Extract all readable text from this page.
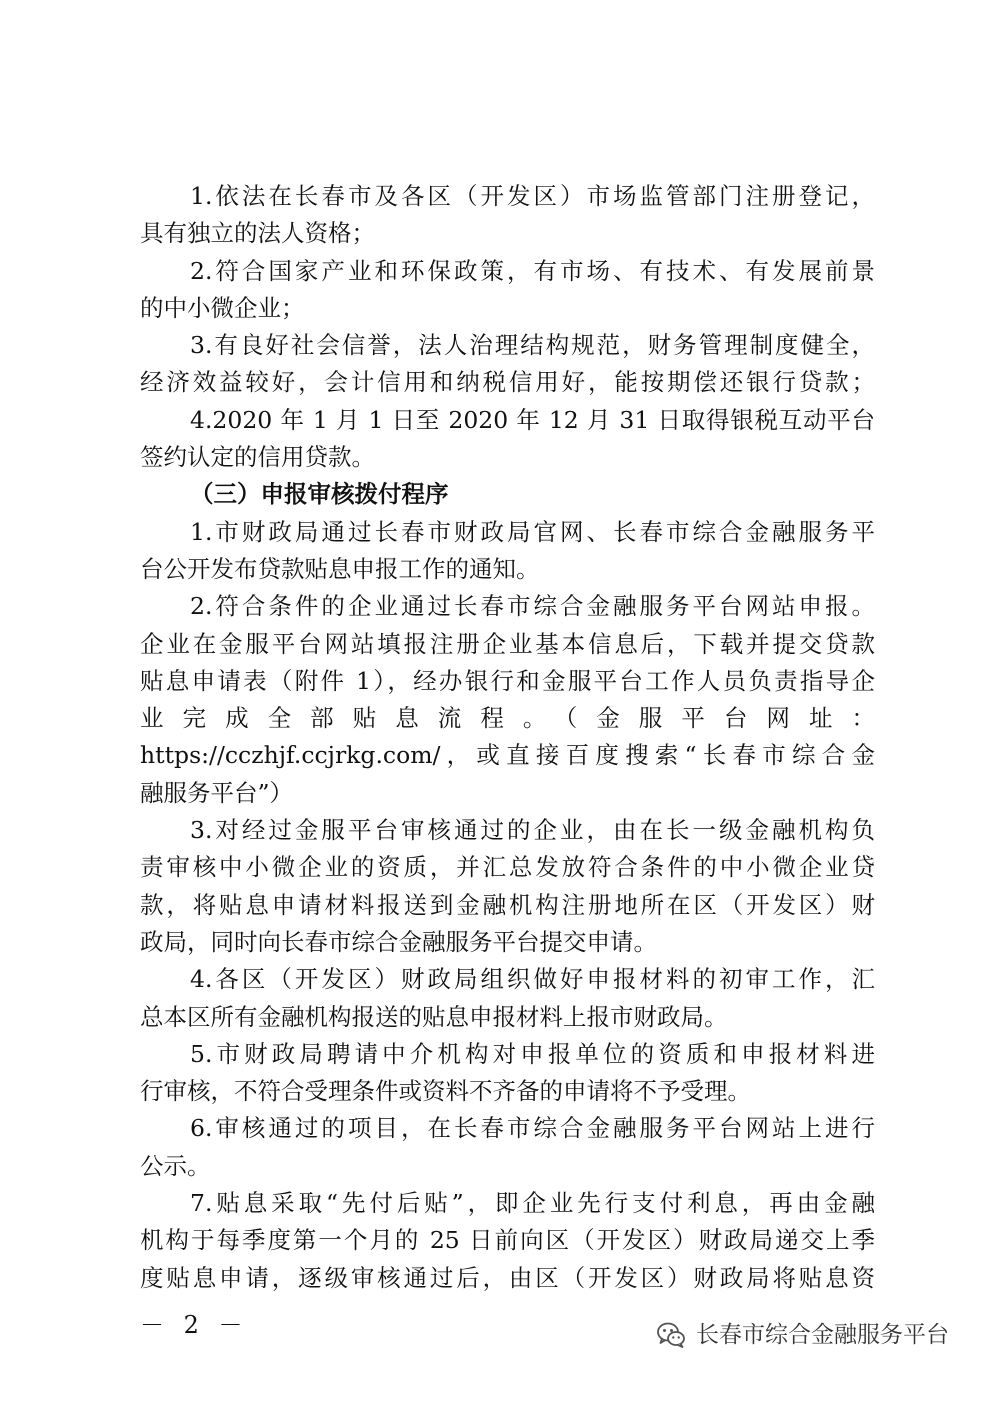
1.依法在长春市及各区（开发区）市场监管部门注册登记，
具有独立的法人资格；
2.符合国家产业和环保政策，有市场、有技术、有发展前景
的中小微企业；
3.有良好社会信誉，法人治理结构规范，财务管理制度健全，
经济效益较好，会计信用和纳税信用好，能按期偿还银行贷款；
4.2020 年 1 月 1 日至 2020 年 12 月 31 日取得银税互动平台
签约认定的信用贷款。
（三）申报审核拨付程序
1.市财政局通过长春市财政局官网、长春市综合金融服务平
台公开发布贷款贴息申报工作的通知。
2.符合条件的企业通过长春市综合金融服务平台网站申报。
企业在金服平台网站填报注册企业基本信息后，下载并提交贷款
贴息申请表（附件 1），经办银行和金服平台工作人员负责指导企
业完成全部贴息流程。（金服平台网址：
https://cczhjf.ccjrkg.com/，或直接百度搜索“长春市综合金
融服务平台”）
3.对经过金服平台审核通过的企业，由在长一级金融机构负
责审核中小微企业的资质，并汇总发放符合条件的中小微企业贷
款，将贴息申请材料报送到金融机构注册地所在区（开发区）财
政局，同时向长春市综合金融服务平台提交申请。
4.各区（开发区）财政局组织做好申报材料的初审工作，汇
总本区所有金融机构报送的贴息申报材料上报市财政局。
5.市财政局聘请中介机构对申报单位的资质和申报材料进
行审核，不符合受理条件或资料不齐备的申请将不予受理。
6.审核通过的项目，在长春市综合金融服务平台网站上进行
公示。
7.贴息采取“先付后贴”，即企业先行支付利息，再由金融
机构于每季度第一个月的 25 日前向区（开发区）财政局递交上季
度贴息申请，逐级审核通过后，由区（开发区）财政局将贴息资
－ 2 －	长春市综合金融服务平台
